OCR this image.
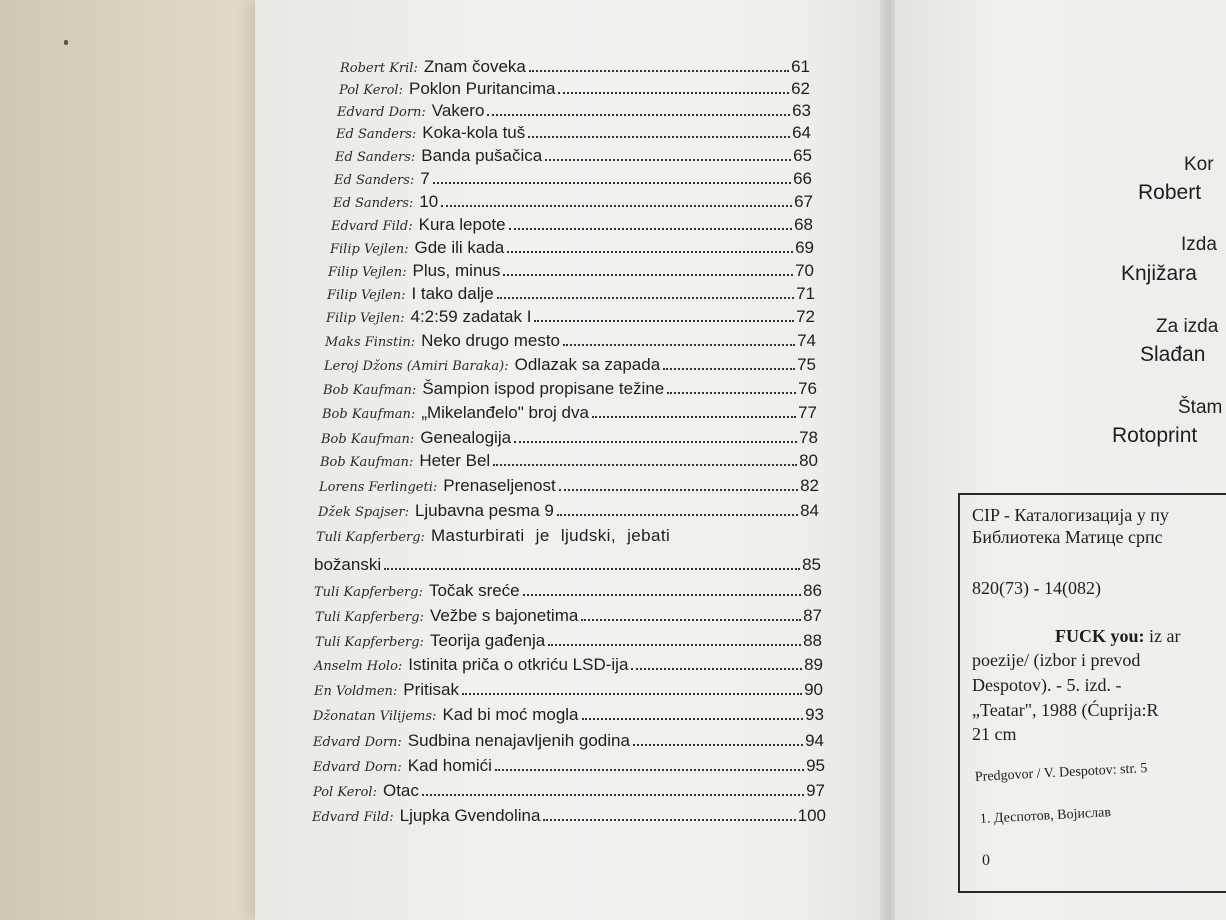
Robert Kril: Znam čoveka	61
Pol Kerol: Poklon Puritancima	62
Edvard Dorn: Vakero	63
Ed Sanders: Koka-kola tuš	64
Ed Sanders: Banda pušačica	65
Ed Sanders: 7	66
Ed Sanders: 10	67
Edvard Fild: Kura lepote	68
Filip Vejlen: Gde ili kada	69
Filip Vejlen: Plus, minus	70
Filip Vejlen: I tako dalje	71
Filip Vejlen: 4:2:59 zadatak I	72
Maks Finstin: Neko drugo mesto	74
Leroj Džons (Amiri Baraka): Odlazak sa zapada	75
Bob Kaufman: Šampion ispod propisane težine	76
Bob Kaufman: „Mikelanđelo" broj dva	77
Bob Kaufman: Genealogija	78
Bob Kaufman: Heter Bel	80
Lorens Ferlingeti: Prenaseljenost	82
Džek Spajser: Ljubavna pesma 9	84
Tuli Kapferberg: Masturbirati je ljudski, jebati
božanski	85
Tuli Kapferberg: Točak sreće	86
Tuli Kapferberg: Vežbe s bajonetima	87
Tuli Kapferberg: Teorija gađenja	88
Anselm Holo: Istinita priča o otkriću LSD-ija	89
En Voldmen: Pritisak	90
Džonatan Vilijems: Kad bi moć mogla	93
Edvard Dorn: Sudbina nenajavljenih godina	94
Edvard Dorn: Kad homići	95
Pol Kerol: Otac	97
Edvard Fild: Ljupka Gvendolina	100
Kor
Robert
Izda
Knjižara
Za izda
Slađan
Štam
Rotoprint
CIP - Каталогизација у пу
Библиотека Матице српс
820(73) - 14(082)
FUCK you: iz ar
poezije/ (izbor i prevod
Despotov). - 5. izd. -
„Teatar", 1988 (Ćuprija:R
21 cm
Predgovor / V. Despotov: str. 5
1. Деспотов, Војислав
0
